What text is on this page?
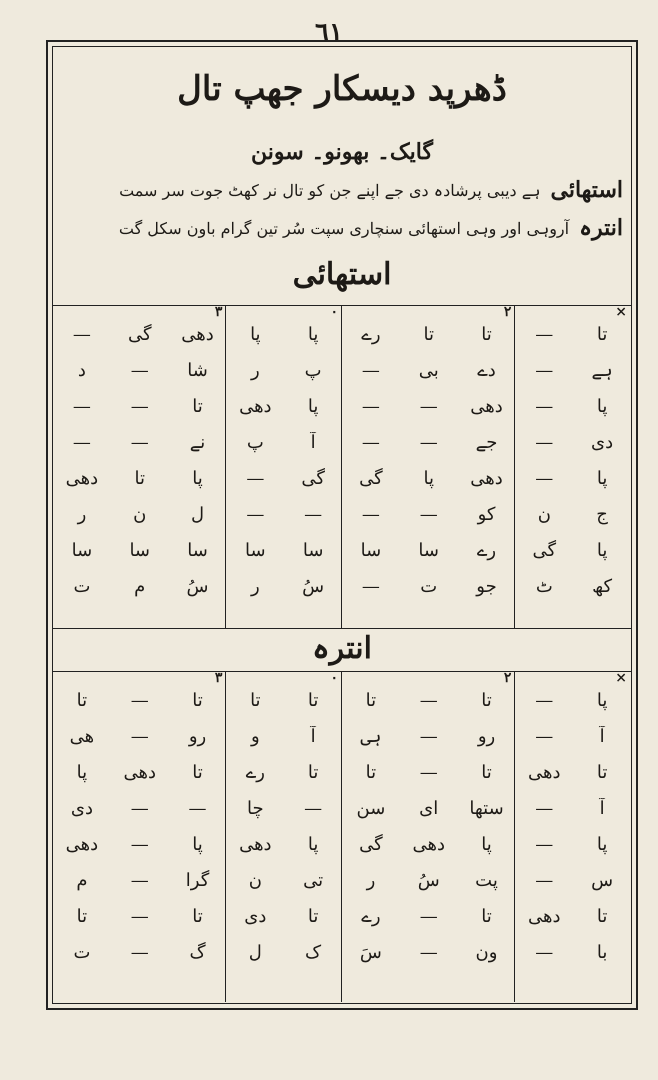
٦١
ڈھرپد دیسکار جھپ تال
گایک۔ بھونو۔ سونن
استھائی
ہے دیبی پرشادہ دی جے اپنے جن کو تال نر کھٹ جوت سر سمت
انترہ
آروہی اور وہی استھائی سنچاری سپت سُر تین گرام باون سکل گت
استھائی
تا
—
تا
تا
رے
پا
پا
دھی
گی
—
ہے
—
دے
بی
—
پ
ر
شا
—
د
پا
—
دھی
—
—
پا
دھی
تا
—
—
دی
—
جے
—
—
آ
پ
نے
—
—
پا
—
دھی
پا
گی
گی
—
پا
تا
دھی
ج
ن
کو
—
—
—
—
ل
ن
ر
پا
گی
رے
سا
سا
سا
سا
سا
سا
سا
کھ
ٹ
جو
ت
—
سُ
ر
سُ
م
ت
×
٢
٠
٣
انترہ
پا
—
تا
—
تا
تا
تا
تا
—
تا
آ
—
رو
—
ہی
آ
و
رو
—
ھی
تا
دھی
تا
—
تا
تا
رے
تا
دھی
پا
آ
—
ستھا
ای
سن
—
چا
—
—
دی
پا
—
پا
دھی
گی
پا
دھی
پا
—
دھی
س
—
پت
سُ
ر
تی
ن
گرا
—
م
تا
دھی
تا
—
رے
تا
دی
تا
—
تا
با
—
ون
—
سَ
ک
ل
گ
—
ت
×
٢
٠
٣
